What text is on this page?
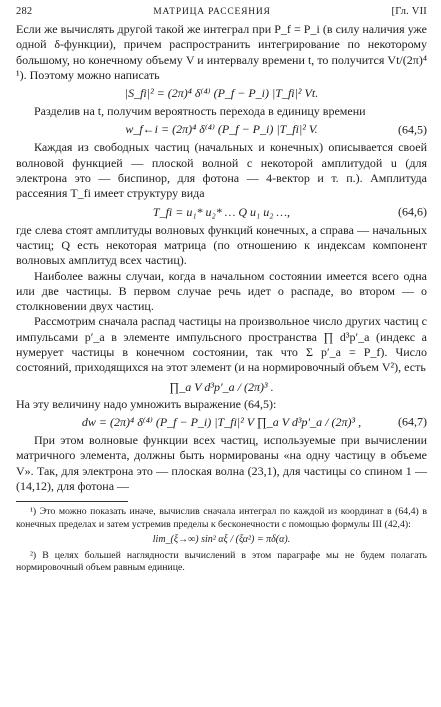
282	МАТРИЦА РАССЕЯНИЯ	[Гл. VII

Если же вычислять другой такой же интеграл при P_f = P_i (в силу наличия уже одной δ-функции), причем распространить интегрирование по некоторому большому, но конечному объему V и интервалу времени t, то получится Vt/(2π)⁴ ¹). Поэтому можно написать

|S_fi|² = (2π)⁴ δ⁽⁴⁾ (P_f − P_i) |T_fi|² Vt.

Разделив на t, получим вероятность перехода в единицу времени

w_f←i = (2π)⁴ δ⁽⁴⁾ (P_f − P_i) |T_fi|² V.	(64,5)

Каждая из свободных частиц (начальных и конечных) описывается своей волновой функцией — плоской волной с некоторой амплитудой u (для электрона это — биспинор, для фотона — 4-вектор и т. п.). Амплитуда рассеяния T_fi имеет структуру вида

T_fi = u₁* u₂* … Q u₁ u₂ …,	(64,6)

где слева стоят амплитуды волновых функций конечных, а справа — начальных частиц; Q есть некоторая матрица (по отношению к индексам компонент волновых амплитуд всех частиц).

Наиболее важны случаи, когда в начальном состоянии имеется всего одна или две частицы. В первом случае речь идет о распаде, во втором — о столкновении двух частиц.

Рассмотрим сначала распад частицы на произвольное число других частиц с импульсами p′_a в элементе импульсного пространства ∏ d³p′_a (индекс a нумерует частицы в конечном состоянии, так что Σ p′_a = P_f). Число состояний, приходящихся на этот элемент (и на нормировочный объем V²), есть

∏_a V d³p′_a / (2π)³ .

На эту величину надо умножить выражение (64,5):

dw = (2π)⁴ δ⁽⁴⁾ (P_f − P_i) |T_fi|² V ∏_a V d³p′_a / (2π)³ ,	(64,7)

При этом волновые функции всех частиц, используемые при вычислении матричного элемента, должны быть нормированы «на одну частицу в объеме V». Так, для электрона это — плоская волна (23,1), для частицы со спином 1 — (14,12), для фотона —

¹) Это можно показать иначе, вычислив сначала интеграл по каждой из координат в (64,4) в конечных пределах и затем устремив пределы к бесконечности с помощью формулы III (42,4):

lim_(ξ→∞) sin² αξ / (ξα²) = πδ(α).

²) В целях большей наглядности вычислений в этом параграфе мы не будем полагать нормировочный объем равным единице.
